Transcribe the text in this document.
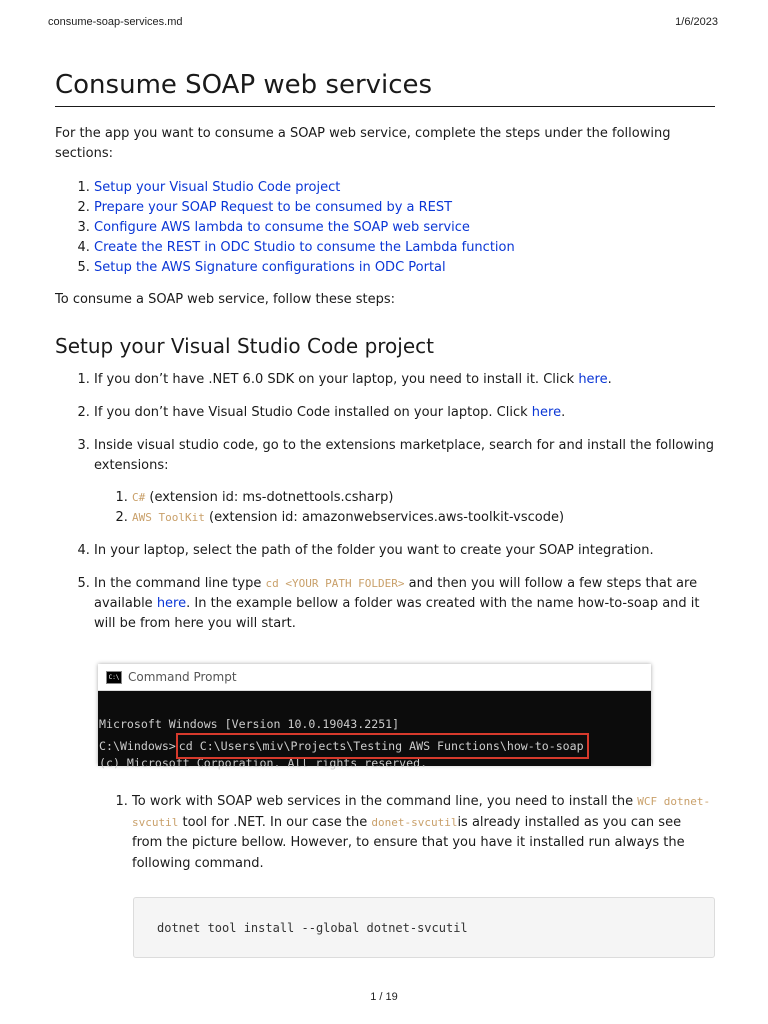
consume-soap-services.md	1/6/2023
Consume SOAP web services

For the app you want to consume a SOAP web service, complete the steps under the following sections:

1. Setup your Visual Studio Code project
2. Prepare your SOAP Request to be consumed by a REST
3. Configure AWS lambda to consume the SOAP web service
4. Create the REST in ODC Studio to consume the Lambda function
5. Setup the AWS Signature configurations in ODC Portal

To consume a SOAP web service, follow these steps:

Setup your Visual Studio Code project
1. If you don’t have .NET 6.0 SDK on your laptop, you need to install it. Click here.
2. If you don’t have Visual Studio Code installed on your laptop. Click here.
3. Inside visual studio code, go to the extensions marketplace, search for and install the following extensions:
1. C# (extension id: ms-dotnettools.csharp)
2. AWS ToolKit (extension id: amazonwebservices.aws-toolkit-vscode)
4. In your laptop, select the path of the folder you want to create your SOAP integration.
5. In the command line type cd <YOUR PATH FOLDER> and then you will follow a few steps that are available here. In the example bellow a folder was created with the name how-to-soap and it will be from here you will start.
C:\ Command Prompt

Microsoft Windows [Version 10.0.19043.2251]

(c) Microsoft Corporation. All rights reserved.

C:\Windows> cd C:\Users\miv\Projects\Testing AWS Functions\how-to-soap
1. To work with SOAP web services in the command line, you need to install the WCF dotnet-svcutil tool for .NET. In our case the donet-svcutilis already installed as you can see from the picture bellow. However, to ensure that you have it installed run always the following command.
dotnet tool install --global dotnet-svcutil
1 / 19
